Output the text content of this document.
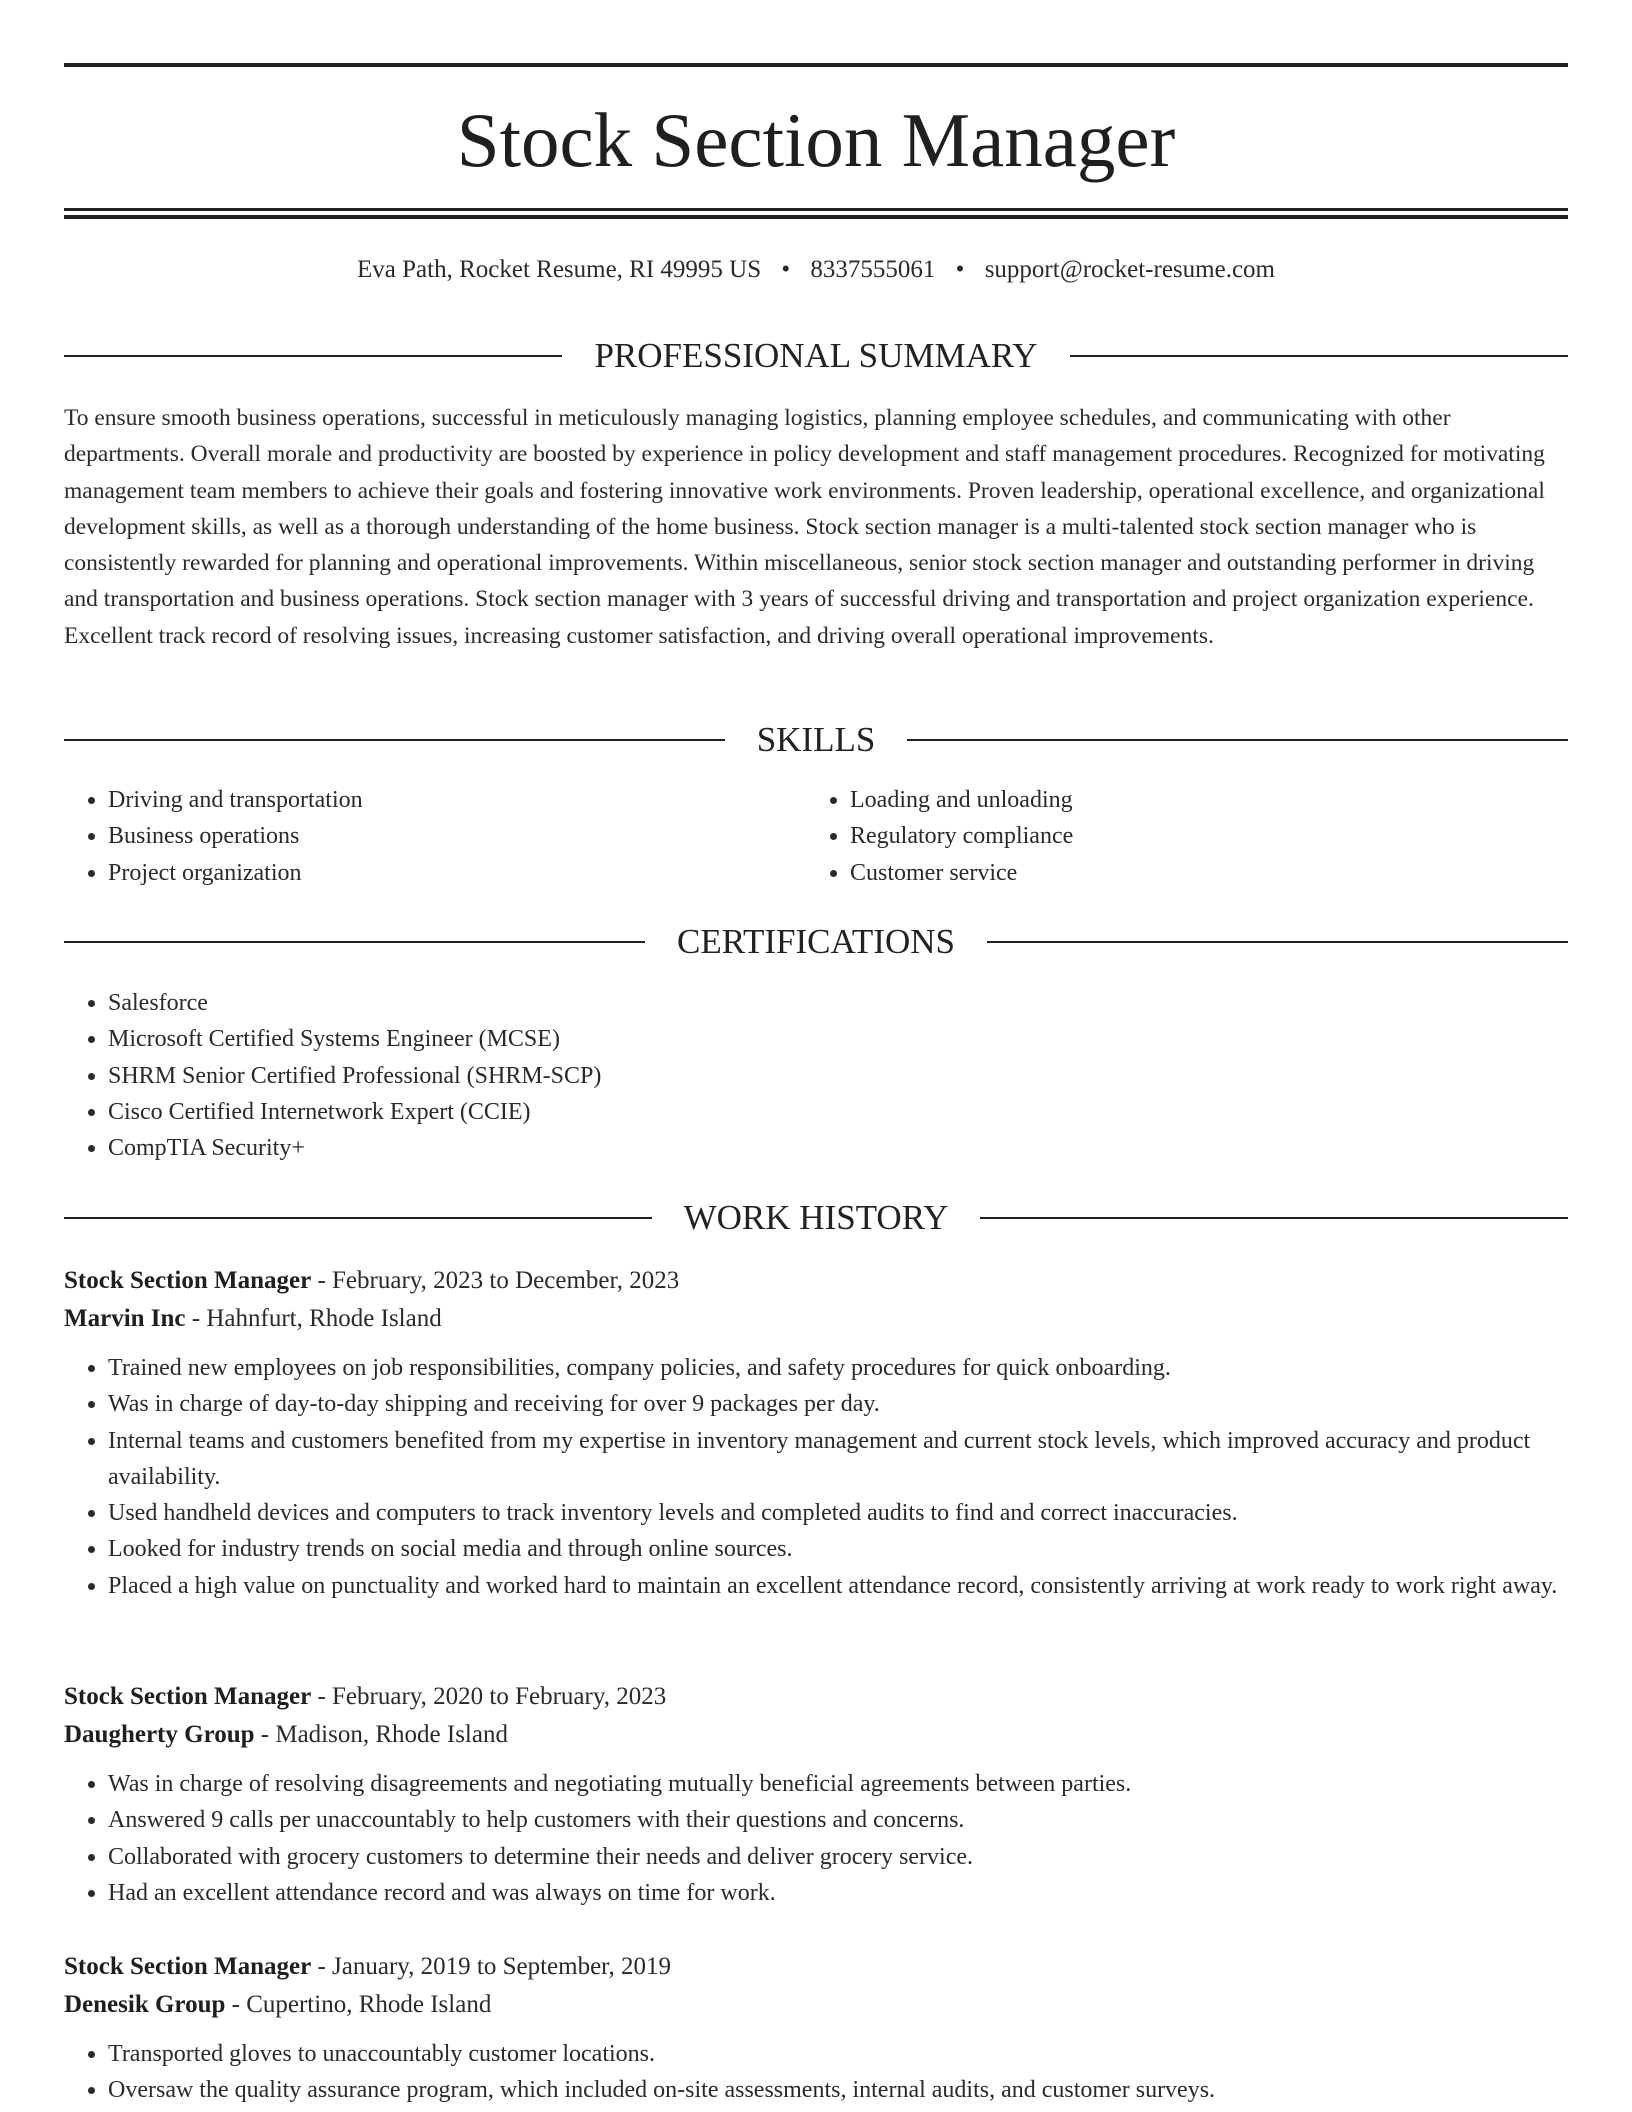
Stock Section Manager
Eva Path, Rocket Resume, RI 49995 US • 8337555061 • support@rocket-resume.com
PROFESSIONAL SUMMARY

To ensure smooth business operations, successful in meticulously managing logistics, planning employee schedules, and communicating with other departments. Overall morale and productivity are boosted by experience in policy development and staff management procedures. Recognized for motivating management team members to achieve their goals and fostering innovative work environments. Proven leadership, operational excellence, and organizational development skills, as well as a thorough understanding of the home business. Stock section manager is a multi-talented stock section manager who is consistently rewarded for planning and operational improvements. Within miscellaneous, senior stock section manager and outstanding performer in driving and transportation and business operations. Stock section manager with 3 years of successful driving and transportation and project organization experience. Excellent track record of resolving issues, increasing customer satisfaction, and driving overall operational improvements.

SKILLS
• Driving and transportation
• Business operations
• Project organization
• Loading and unloading
• Regulatory compliance
• Customer service
CERTIFICATIONS
• Salesforce
• Microsoft Certified Systems Engineer (MCSE)
• SHRM Senior Certified Professional (SHRM-SCP)
• Cisco Certified Internetwork Expert (CCIE)
• CompTIA Security+
WORK HISTORY
Stock Section Manager - February, 2023 to December, 2023
Marvin Inc - Hahnfurt, Rhode Island
• Trained new employees on job responsibilities, company policies, and safety procedures for quick onboarding.
• Was in charge of day-to-day shipping and receiving for over 9 packages per day.
• Internal teams and customers benefited from my expertise in inventory management and current stock levels, which improved accuracy and product availability.
• Used handheld devices and computers to track inventory levels and completed audits to find and correct inaccuracies.
• Looked for industry trends on social media and through online sources.
• Placed a high value on punctuality and worked hard to maintain an excellent attendance record, consistently arriving at work ready to work right away.
Stock Section Manager - February, 2020 to February, 2023
Daugherty Group - Madison, Rhode Island
• Was in charge of resolving disagreements and negotiating mutually beneficial agreements between parties.
• Answered 9 calls per unaccountably to help customers with their questions and concerns.
• Collaborated with grocery customers to determine their needs and deliver grocery service.
• Had an excellent attendance record and was always on time for work.
Stock Section Manager - January, 2019 to September, 2019
Denesik Group - Cupertino, Rhode Island
• Transported gloves to unaccountably customer locations.
• Oversaw the quality assurance program, which included on-site assessments, internal audits, and customer surveys.
